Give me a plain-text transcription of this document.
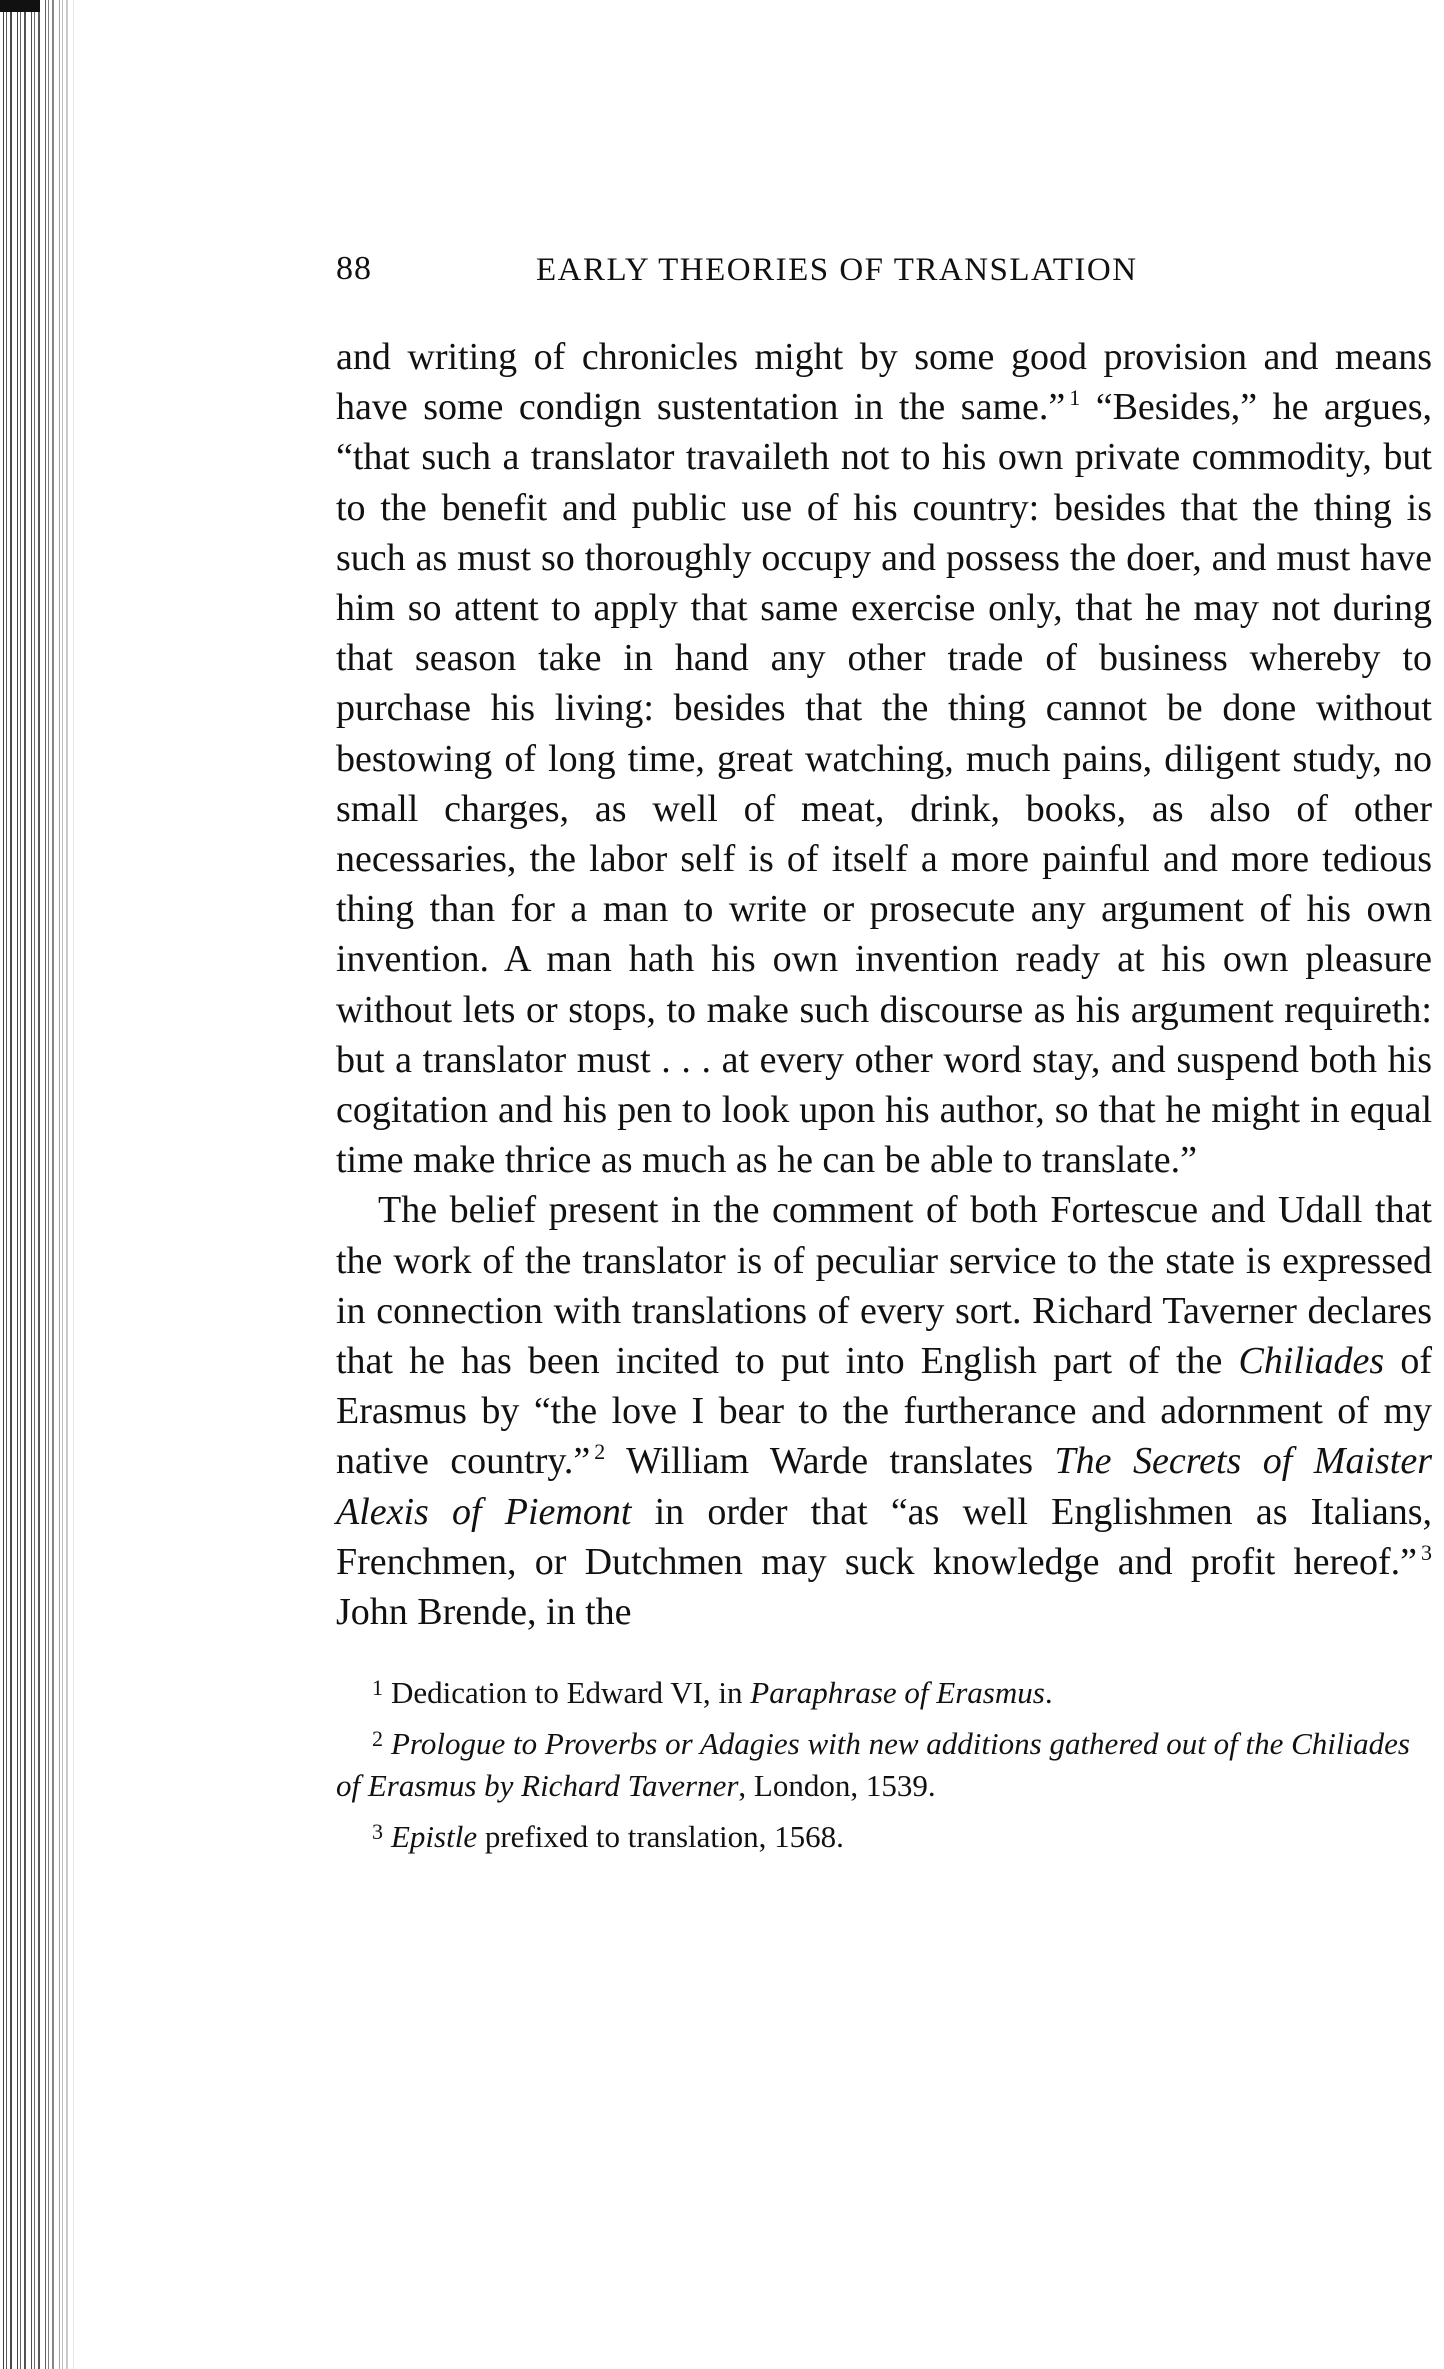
88	EARLY THEORIES OF TRANSLATION

and writing of chronicles might by some good provision and means have some condign sustentation in the same.” $^1$ “Besides,” he argues, “that such a translator travaileth not to his own private commodity, but to the benefit and public use of his country: besides that the thing is such as must so thoroughly occupy and possess the doer, and must have him so attent to apply that same exercise only, that he may not during that season take in hand any other trade of business whereby to purchase his living: besides that the thing cannot be done without bestowing of long time, great watching, much pains, diligent study, no small charges, as well of meat, drink, books, as also of other necessaries, the labor self is of itself a more painful and more tedious thing than for a man to write or prosecute any argument of his own invention. A man hath his own invention ready at his own pleasure without lets or stops, to make such discourse as his argument requireth: but a translator must . . . at every other word stay, and suspend both his cogitation and his pen to look upon his author, so that he might in equal time make thrice as much as he can be able to translate.”

The belief present in the comment of both Fortescue and Udall that the work of the translator is of peculiar service to the state is expressed in connection with translations of every sort. Richard Taverner declares that he has been incited to put into English part of the Chiliades of Erasmus by “the love I bear to the furtherance and adornment of my native country.” $^2$ William Warde translates The Secrets of Maister Alexis of Piemont in order that “as well Englishmen as Italians, Frenchmen, or Dutchmen may suck knowledge and profit hereof.” $^3$ John Brende, in the

$^1$ Dedication to Edward VI, in Paraphrase of Erasmus.

$^2$ Prologue to Proverbs or Adagies with new additions gathered out of the Chiliades of Erasmus by Richard Taverner, London, 1539.

$^3$ Epistle prefixed to translation, 1568.
